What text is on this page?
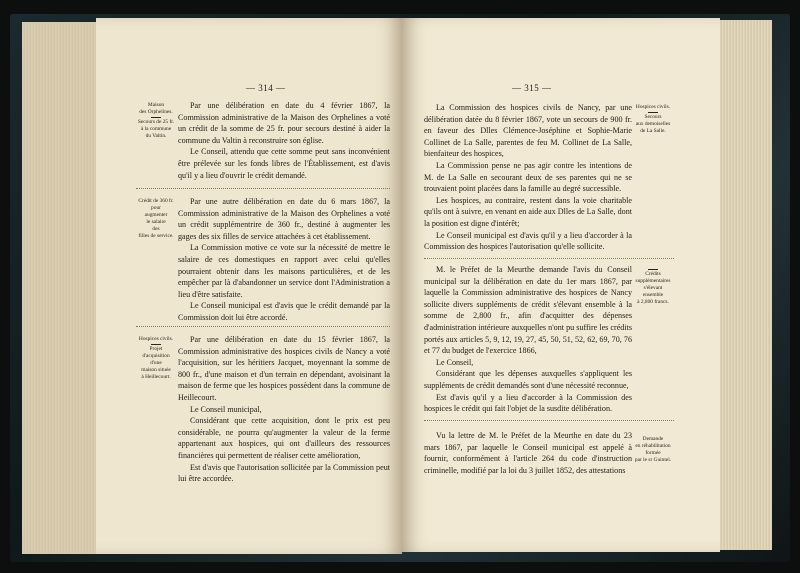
— 314 —
Maison
des Orphelines.
Secours de 25 fr.
à la commune
du Valtin.

Par une délibération en date du 4 février 1867, la Commission administrative de la Maison des Orphelines a voté un crédit de la somme de 25 fr. pour secours destiné à aider la commune du Valtin à reconstruire son église.

Le Conseil, attendu que cette somme peut sans inconvénient être prélevée sur les fonds libres de l'Établissement, est d'avis qu'il y a lieu d'ouvrir le crédit demandé.

Crédit de 360 fr.
pour
augmenter
le salaire
des
filles de service.

Par une autre délibération en date du 6 mars 1867, la Commission administrative de la Maison des Orphelines a voté un crédit supplémentrire de 360 fr., destiné à augmenter les gages des six filles de service attachées à cet établissement.

La Commission motive ce vote sur la nécessité de mettre le salaire de ces domestiques en rapport avec celui qu'elles pourraient obtenir dans les maisons particulières, et de les empêcher par là d'abandonner un service dont l'Administration a lieu d'être satisfaite.

Le Conseil municipal est d'avis que le crédit demandé par la Commission doit lui être accordé.

Hospices civils.
Projet
d'acquisition
d'une
maison située
à Heillecourt.

Par une délibération en date du 15 février 1867, la Commission administrative des hospices civils de Nancy a voté l'acquisition, sur les héritiers Jacquet, moyennant la somme de 800 fr., d'une maison et d'un terrain en dépendant, avoisinant la maison de ferme que les hospices possèdent dans la commune de Heillecourt.

Le Conseil municipal,

Considérant que cette acquisition, dont le prix est peu considérable, ne pourra qu'augmenter la valeur de la ferme appartenant aux hospices, qui ont d'ailleurs des ressources financières qui permettent de réaliser cette amélioration,

Est d'avis que l'autorisation sollicitée par la Commission peut lui être accordée.

— 315 —
Hospices civils.
Secours
aux demoiselles
de La Salle.

La Commission des hospices civils de Nancy, par une délibération datée du 8 février 1867, vote un secours de 900 fr. en faveur des Dlles Clémence-Joséphine et Sophie-Marie Collinet de La Salle, parentes de feu M. Collinet de La Salle, bienfaiteur des hospices,

La Commission pense ne pas agir contre les intentions de M. de La Salle en secourant deux de ses parentes qui ne se trouvaient point placées dans la famille au degré successible.

Les hospices, au contraire, restent dans la voie charitable qu'ils ont à suivre, en venant en aide aux Dlles de La Salle, dont la position est digne d'intérêt;

Le Conseil municipal est d'avis qu'il y a lieu d'accorder à la Commission des hospices l'autorisation qu'elle sollicite.

Crédits
supplémentaires
s'élevant
ensemble
à 2,800 francs.

M. le Préfet de la Meurthe demande l'avis du Conseil municipal sur la délibération en date du 1er mars 1867, par laquelle la Commission administrative des hospices de Nancy sollicite divers suppléments de crédit s'élevant ensemble à la somme de 2,800 fr., afin d'acquitter des dépenses d'administration intérieure auxquelles n'ont pu suffire les crédits portés aux articles 5, 9, 12, 19, 27, 45, 50, 51, 52, 62, 69, 70, 76 et 77 du budget de l'exercice 1866,

Le Conseil,

Considérant que les dépenses auxquelles s'appliquent les suppléments de crédit demandés sont d'une nécessité reconnue,

Est d'avis qu'il y a lieu d'accorder à la Commission des hospices le crédit qui fait l'objet de la susdite délibération.

Demande
en réhabilitation
formée
par le sr Guintel.

Vu la lettre de M. le Préfet de la Meurthe en date du 23 mars 1867, par laquelle le Conseil municipal est appelé à fournir, conformément à l'article 264 du code d'instruction criminelle, modifié par la loi du 3 juillet 1852, des attestations
